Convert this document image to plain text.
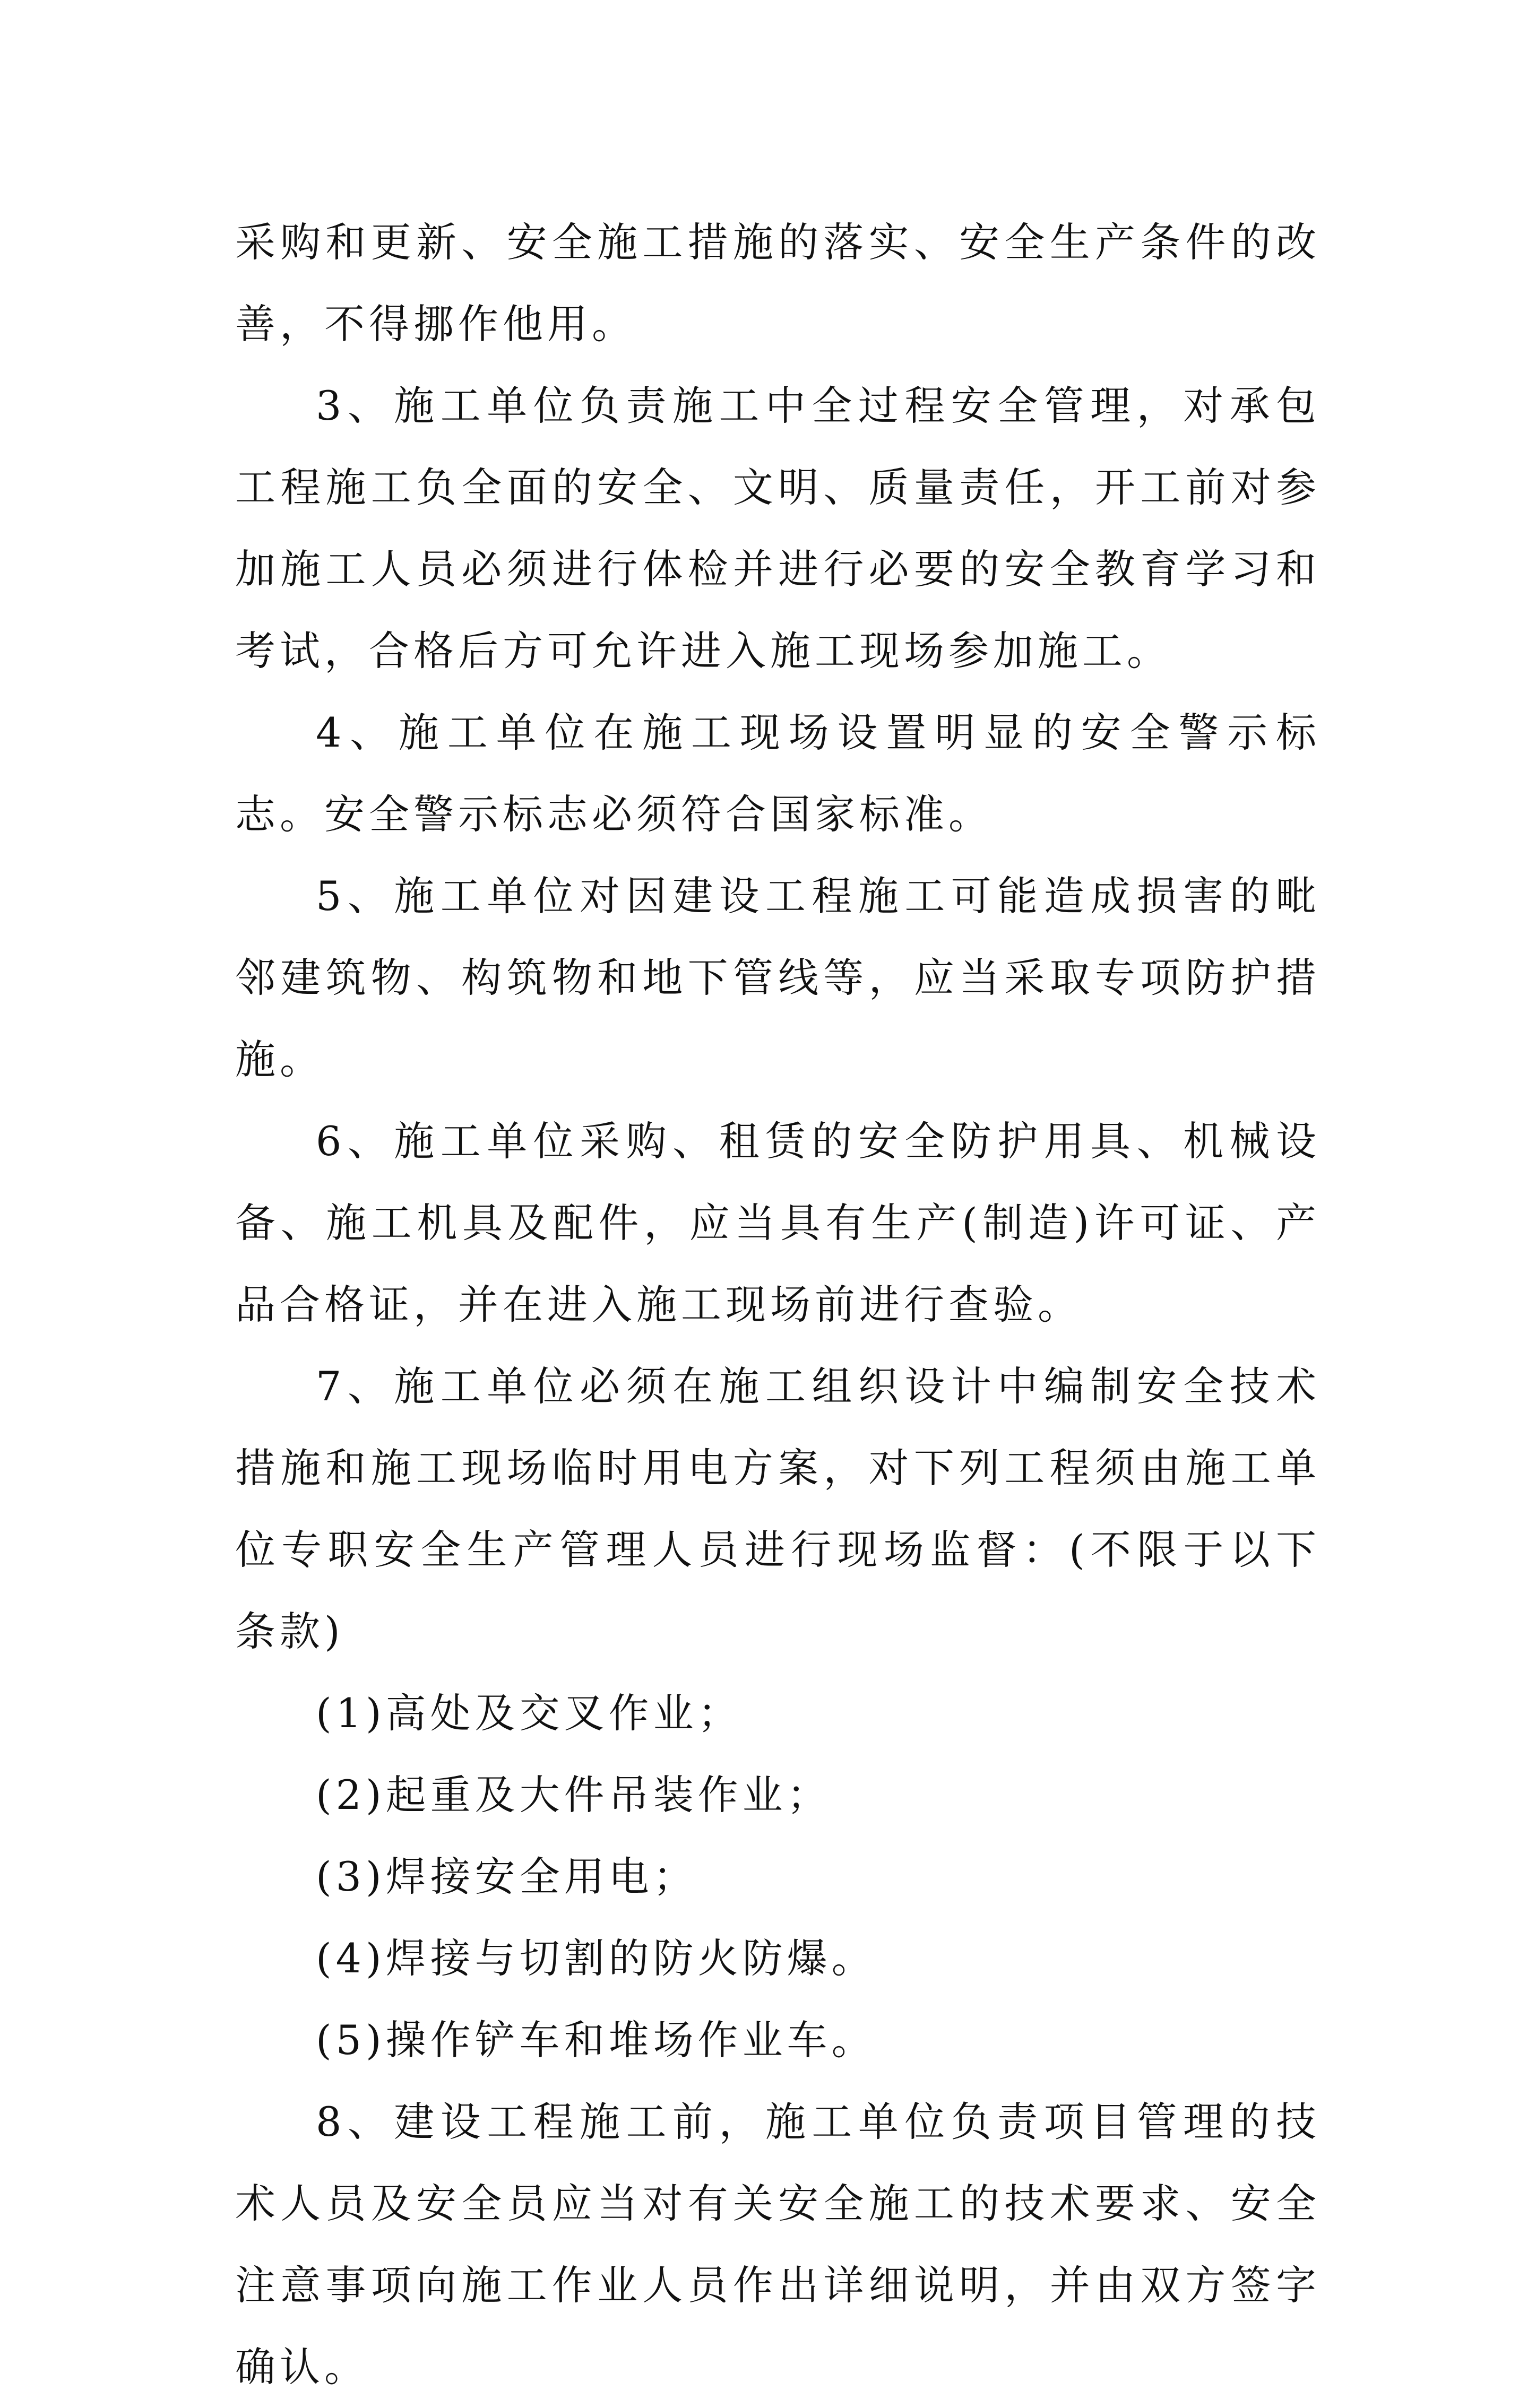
采购和更新、安全施工措施的落实、安全生产条件的改善，不得挪作他用。

3、施工单位负责施工中全过程安全管理，对承包工程施工负全面的安全、文明、质量责任，开工前对参加施工人员必须进行体检并进行必要的安全教育学习和考试，合格后方可允许进入施工现场参加施工。

4、施工单位在施工现场设置明显的安全警示标志。安全警示标志必须符合国家标准。

5、施工单位对因建设工程施工可能造成损害的毗邻建筑物、构筑物和地下管线等，应当采取专项防护措施。

6、施工单位采购、租赁的安全防护用具、机械设备、施工机具及配件，应当具有生产(制造)许可证、产品合格证，并在进入施工现场前进行查验。

7、施工单位必须在施工组织设计中编制安全技术措施和施工现场临时用电方案，对下列工程须由施工单位专职安全生产管理人员进行现场监督：(不限于以下条款)

(1)高处及交叉作业；

(2)起重及大件吊装作业；

(3)焊接安全用电；

(4)焊接与切割的防火防爆。

(5)操作铲车和堆场作业车。

8、建设工程施工前，施工单位负责项目管理的技术人员及安全员应当对有关安全施工的技术要求、安全注意事项向施工作业人员作出详细说明，并由双方签字确认。
